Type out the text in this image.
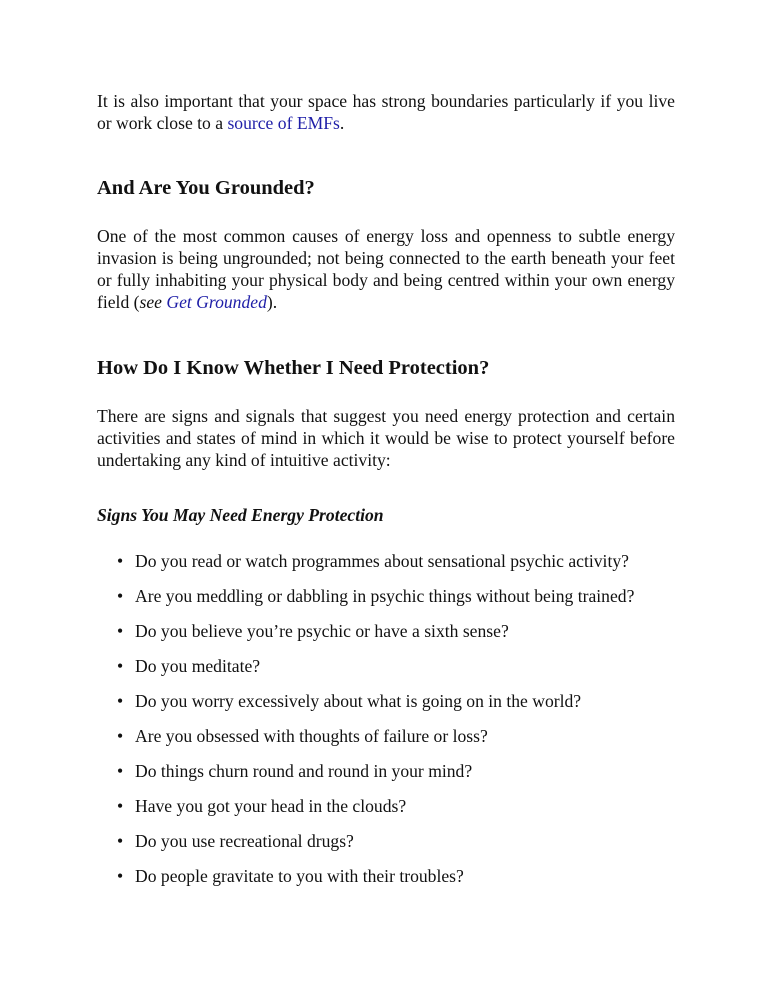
It is also important that your space has strong boundaries particularly if you live or work close to a source of EMFs.

And Are You Grounded?

One of the most common causes of energy loss and openness to subtle energy invasion is being ungrounded; not being connected to the earth beneath your feet or fully inhabiting your physical body and being centred within your own energy field (see Get Grounded).

How Do I Know Whether I Need Protection?

There are signs and signals that suggest you need energy protection and certain activities and states of mind in which it would be wise to protect yourself before undertaking any kind of intuitive activity:

Signs You May Need Energy Protection
• Do you read or watch programmes about sensational psychic activity?
• Are you meddling or dabbling in psychic things without being trained?
• Do you believe you’re psychic or have a sixth sense?
• Do you meditate?
• Do you worry excessively about what is going on in the world?
• Are you obsessed with thoughts of failure or loss?
• Do things churn round and round in your mind?
• Have you got your head in the clouds?
• Do you use recreational drugs?
• Do people gravitate to you with their troubles?
